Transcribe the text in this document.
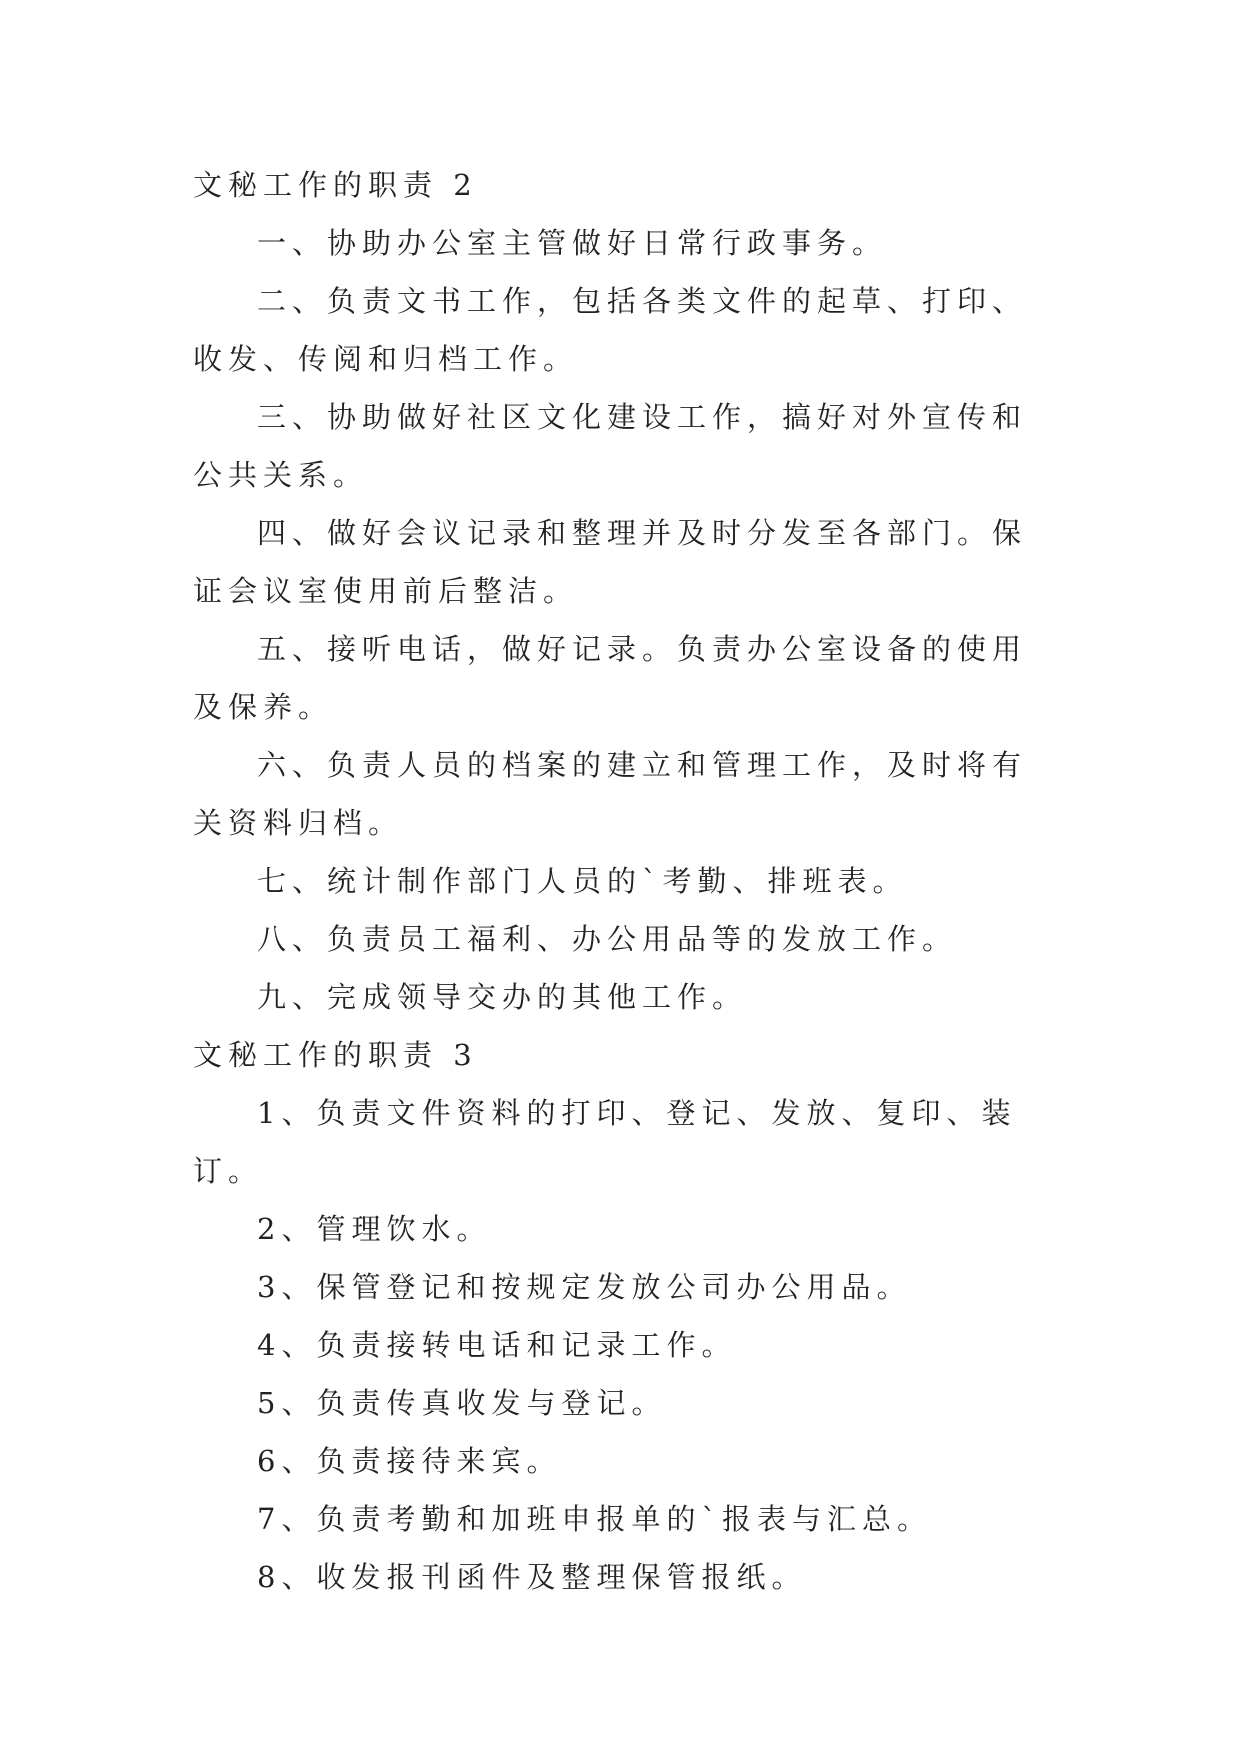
文秘工作的职责 2

一、协助办公室主管做好日常行政事务。

二、负责文书工作，包括各类文件的起草、打印、收发、传阅和归档工作。

三、协助做好社区文化建设工作，搞好对外宣传和公共关系。

四、做好会议记录和整理并及时分发至各部门。保证会议室使用前后整洁。

五、接听电话，做好记录。负责办公室设备的使用及保养。

六、负责人员的档案的建立和管理工作，及时将有关资料归档。

七、统计制作部门人员的`考勤、排班表。

八、负责员工福利、办公用品等的发放工作。

九、完成领导交办的其他工作。

文秘工作的职责 3

1、负责文件资料的打印、登记、发放、复印、装订。

2、管理饮水。

3、保管登记和按规定发放公司办公用品。

4、负责接转电话和记录工作。

5、负责传真收发与登记。

6、负责接待来宾。

7、负责考勤和加班申报单的`报表与汇总。

8、收发报刊函件及整理保管报纸。
